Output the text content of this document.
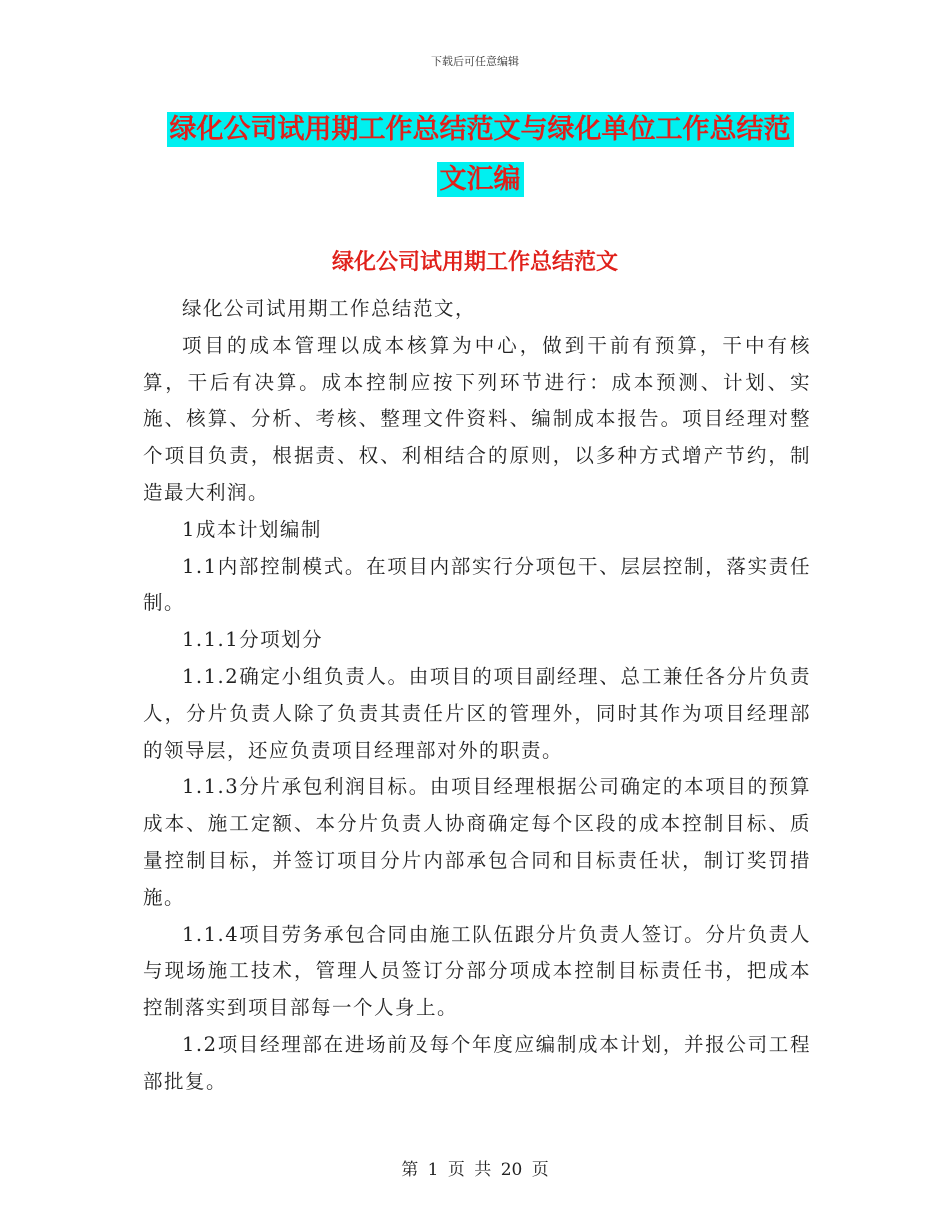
下载后可任意编辑
绿化公司试用期工作总结范文与绿化单位工作总结范
文汇编
绿化公司试用期工作总结范文

绿化公司试用期工作总结范文，

项目的成本管理以成本核算为中心，做到干前有预算，干中有核算，干后有决算。成本控制应按下列环节进行：成本预测、计划、实施、核算、分析、考核、整理文件资料、编制成本报告。项目经理对整个项目负责，根据责、权、利相结合的原则，以多种方式增产节约，制造最大利润。

1成本计划编制

1.1内部控制模式。在项目内部实行分项包干、层层控制，落实责任制。

1.1.1分项划分

1.1.2确定小组负责人。由项目的项目副经理、总工兼任各分片负责人，分片负责人除了负责其责任片区的管理外，同时其作为项目经理部的领导层，还应负责项目经理部对外的职责。

1.1.3分片承包利润目标。由项目经理根据公司确定的本项目的预算成本、施工定额、本分片负责人协商确定每个区段的成本控制目标、质量控制目标，并签订项目分片内部承包合同和目标责任状，制订奖罚措施。

1.1.4项目劳务承包合同由施工队伍跟分片负责人签订。分片负责人与现场施工技术，管理人员签订分部分项成本控制目标责任书，把成本控制落实到项目部每一个人身上。

1.2项目经理部在进场前及每个年度应编制成本计划，并报公司工程部批复。

第 1 页 共 20 页
